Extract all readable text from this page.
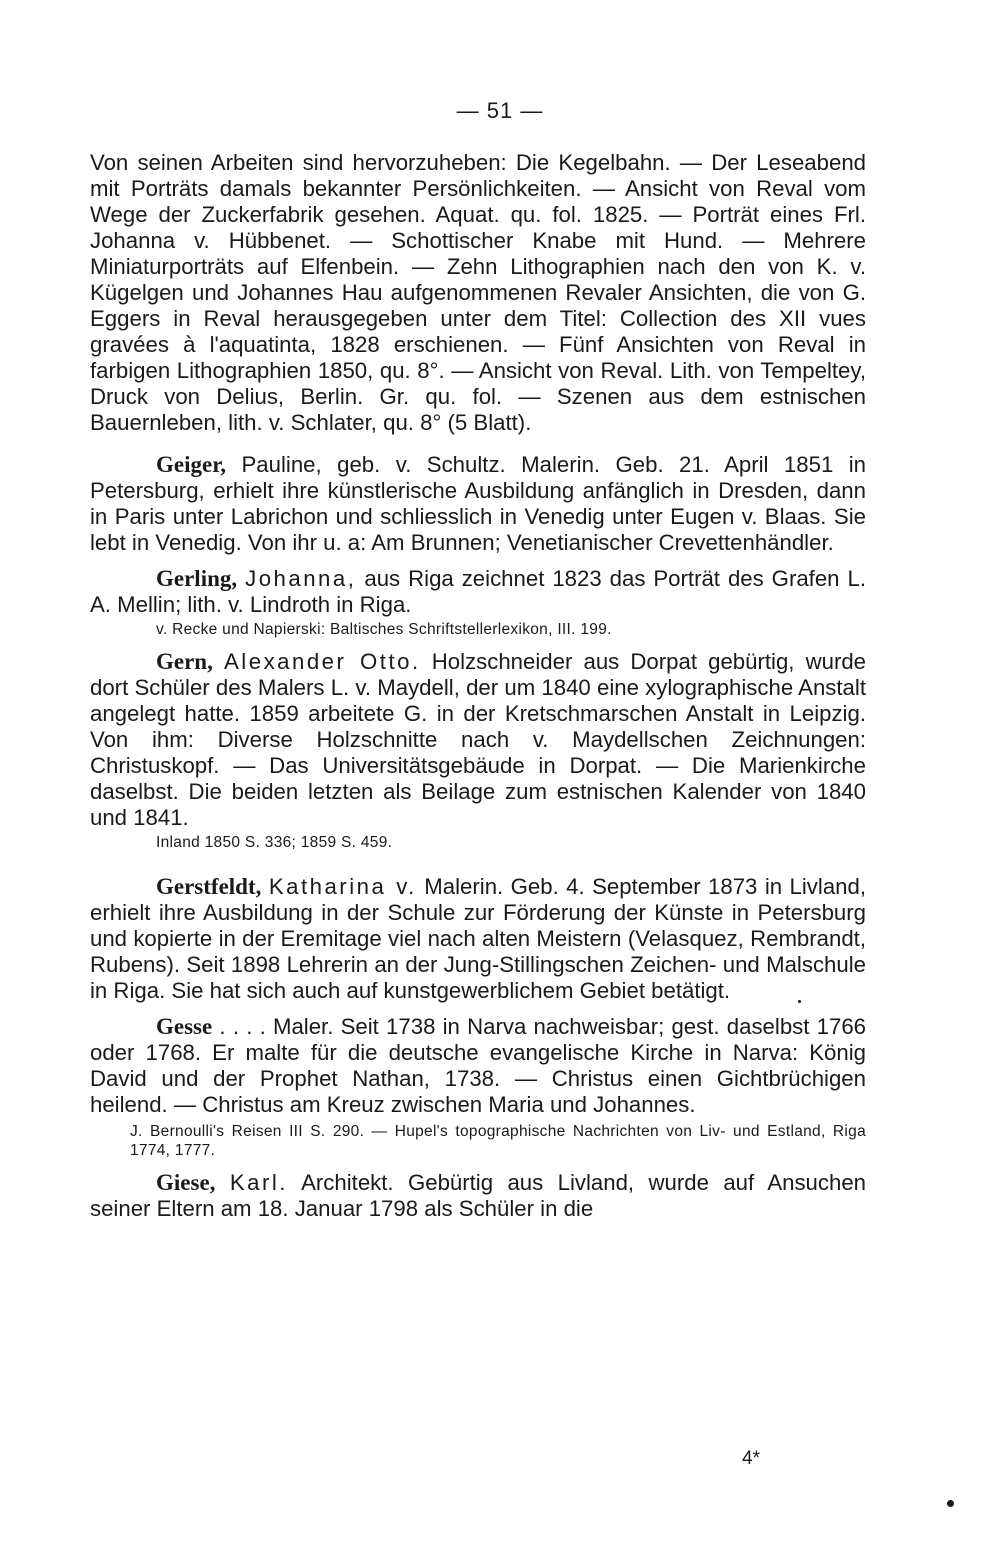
— 51 —

Von seinen Arbeiten sind hervorzuheben: Die Kegelbahn. — Der Leseabend mit Porträts damals bekannter Persönlichkeiten. — Ansicht von Reval vom Wege der Zuckerfabrik gesehen. Aquat. qu. fol. 1825. — Porträt eines Frl. Johanna v. Hübbenet. — Schottischer Knabe mit Hund. — Mehrere Miniaturporträts auf Elfenbein. — Zehn Lithographien nach den von K. v. Kügelgen und Johannes Hau aufgenommenen Revaler Ansichten, die von G. Eggers in Reval herausgegeben unter dem Titel: Collection des XII vues gravées à l'aquatinta, 1828 erschienen. — Fünf Ansichten von Reval in farbigen Lithographien 1850, qu. 8°. — Ansicht von Reval. Lith. von Tempeltey, Druck von Delius, Berlin. Gr. qu. fol. — Szenen aus dem estnischen Bauernleben, lith. v. Schlater, qu. 8° (5 Blatt).

Geiger, Pauline, geb. v. Schultz. Malerin. Geb. 21. April 1851 in Petersburg, erhielt ihre künstlerische Ausbildung anfänglich in Dresden, dann in Paris unter Labrichon und schliesslich in Venedig unter Eugen v. Blaas. Sie lebt in Venedig. Von ihr u. a: Am Brunnen; Venetianischer Crevettenhändler.

Gerling, Johanna, aus Riga zeichnet 1823 das Porträt des Grafen L. A. Mellin; lith. v. Lindroth in Riga.

v. Recke und Napierski: Baltisches Schriftstellerlexikon, III. 199.

Gern, Alexander Otto. Holzschneider aus Dorpat gebürtig, wurde dort Schüler des Malers L. v. Maydell, der um 1840 eine xylographische Anstalt angelegt hatte. 1859 arbeitete G. in der Kretschmarschen Anstalt in Leipzig. Von ihm: Diverse Holzschnitte nach v. Maydellschen Zeichnungen: Christuskopf. — Das Universitätsgebäude in Dorpat. — Die Marienkirche daselbst. Die beiden letzten als Beilage zum estnischen Kalender von 1840 und 1841.

Inland 1850 S. 336; 1859 S. 459.

Gerstfeldt, Katharina v. Malerin. Geb. 4. September 1873 in Livland, erhielt ihre Ausbildung in der Schule zur Förderung der Künste in Petersburg und kopierte in der Eremitage viel nach alten Meistern (Velasquez, Rembrandt, Rubens). Seit 1898 Lehrerin an der Jung-Stillingschen Zeichen- und Malschule in Riga. Sie hat sich auch auf kunstgewerblichem Gebiet betätigt.

Gesse . . . . Maler. Seit 1738 in Narva nachweisbar; gest. daselbst 1766 oder 1768. Er malte für die deutsche evangelische Kirche in Narva: König David und der Prophet Nathan, 1738. — Christus einen Gichtbrüchigen heilend. — Christus am Kreuz zwischen Maria und Johannes.

J. Bernoulli's Reisen III S. 290. — Hupel's topographische Nachrichten von Liv- und Estland, Riga 1774, 1777.

Giese, Karl. Architekt. Gebürtig aus Livland, wurde auf Ansuchen seiner Eltern am 18. Januar 1798 als Schüler in die

4*
